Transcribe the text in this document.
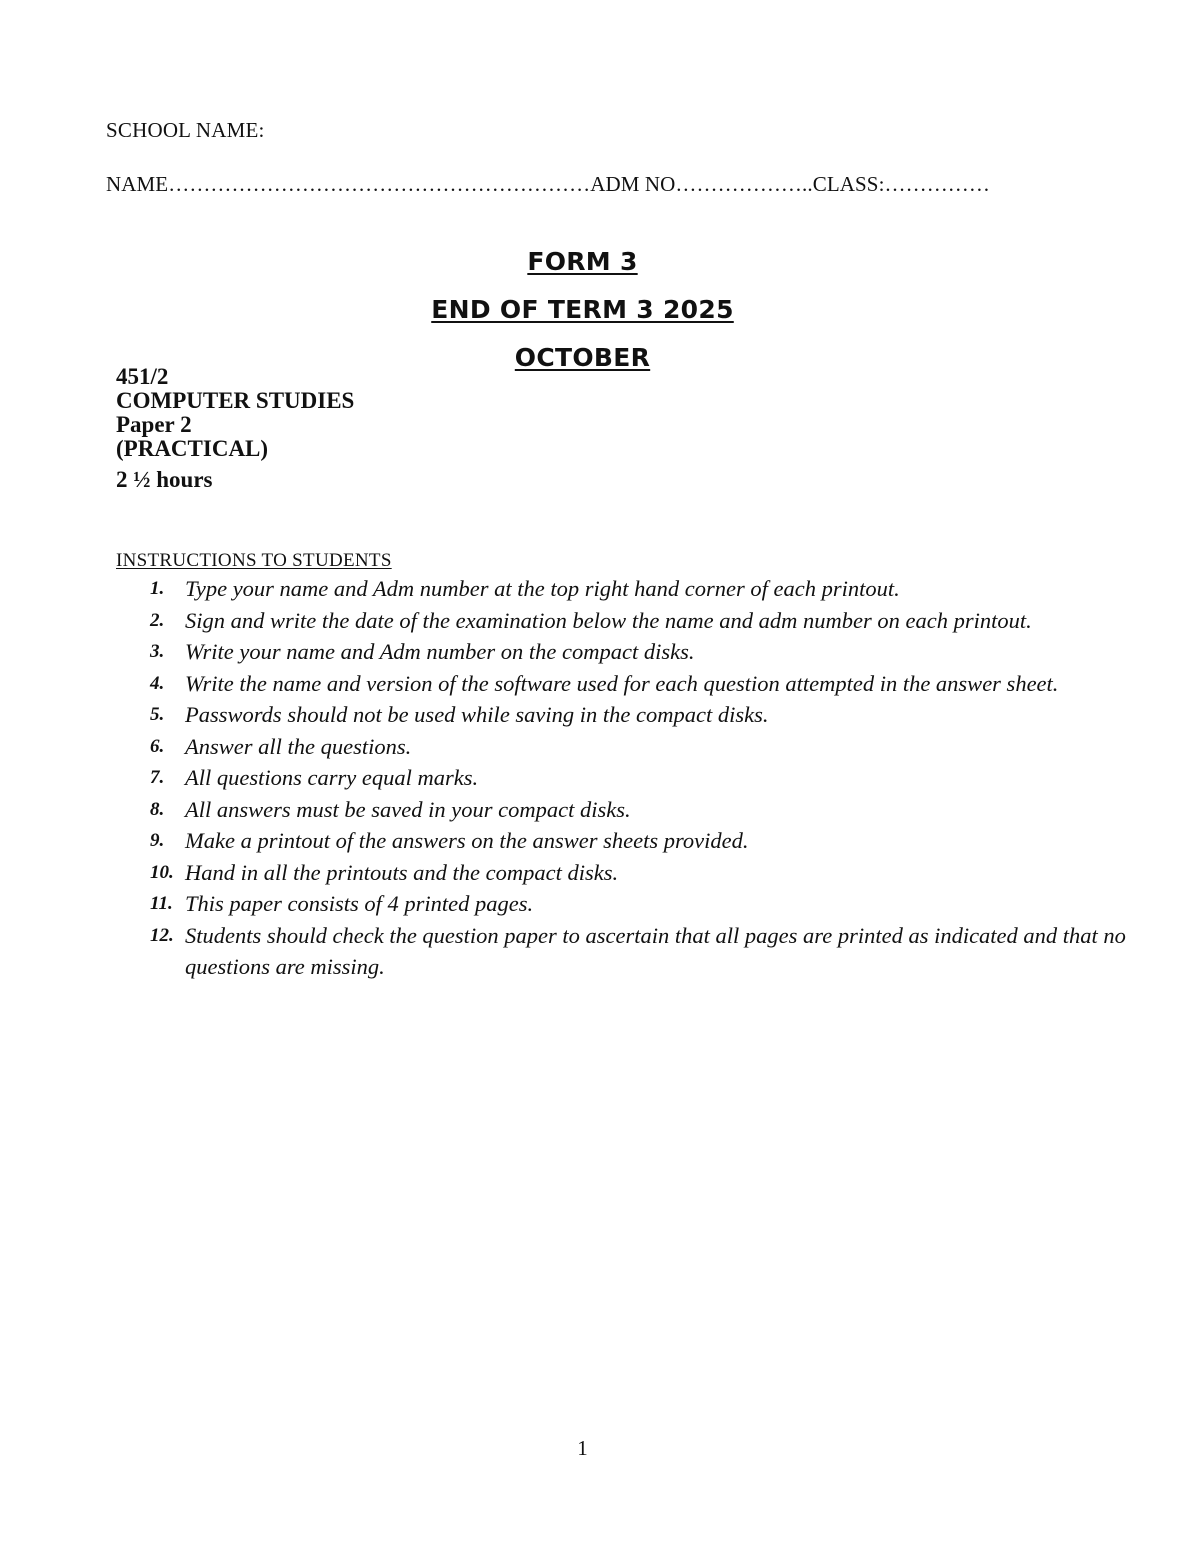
SCHOOL NAME:
NAME……………………………………………………ADM NO………………..CLASS:……………
FORM 3
END OF TERM 3 2025
OCTOBER
451/2
COMPUTER STUDIES
Paper 2
(PRACTICAL)
2 ½ hours
INSTRUCTIONS TO STUDENTS
1. Type your name and Adm number at the top right hand corner of each printout.
2. Sign and write the date of the examination below the name and adm number on each printout.
3. Write your name and Adm number on the compact disks.
4. Write the name and version of the software used for each question attempted in the answer sheet.
5. Passwords should not be used while saving in the compact disks.
6. Answer all the questions.
7. All questions carry equal marks.
8. All answers must be saved in your compact disks.
9. Make a printout of the answers on the answer sheets provided.
10. Hand in all the printouts and the compact disks.
11. This paper consists of 4 printed pages.
12. Students should check the question paper to ascertain that all pages are printed as indicated and that no questions are missing.
1
